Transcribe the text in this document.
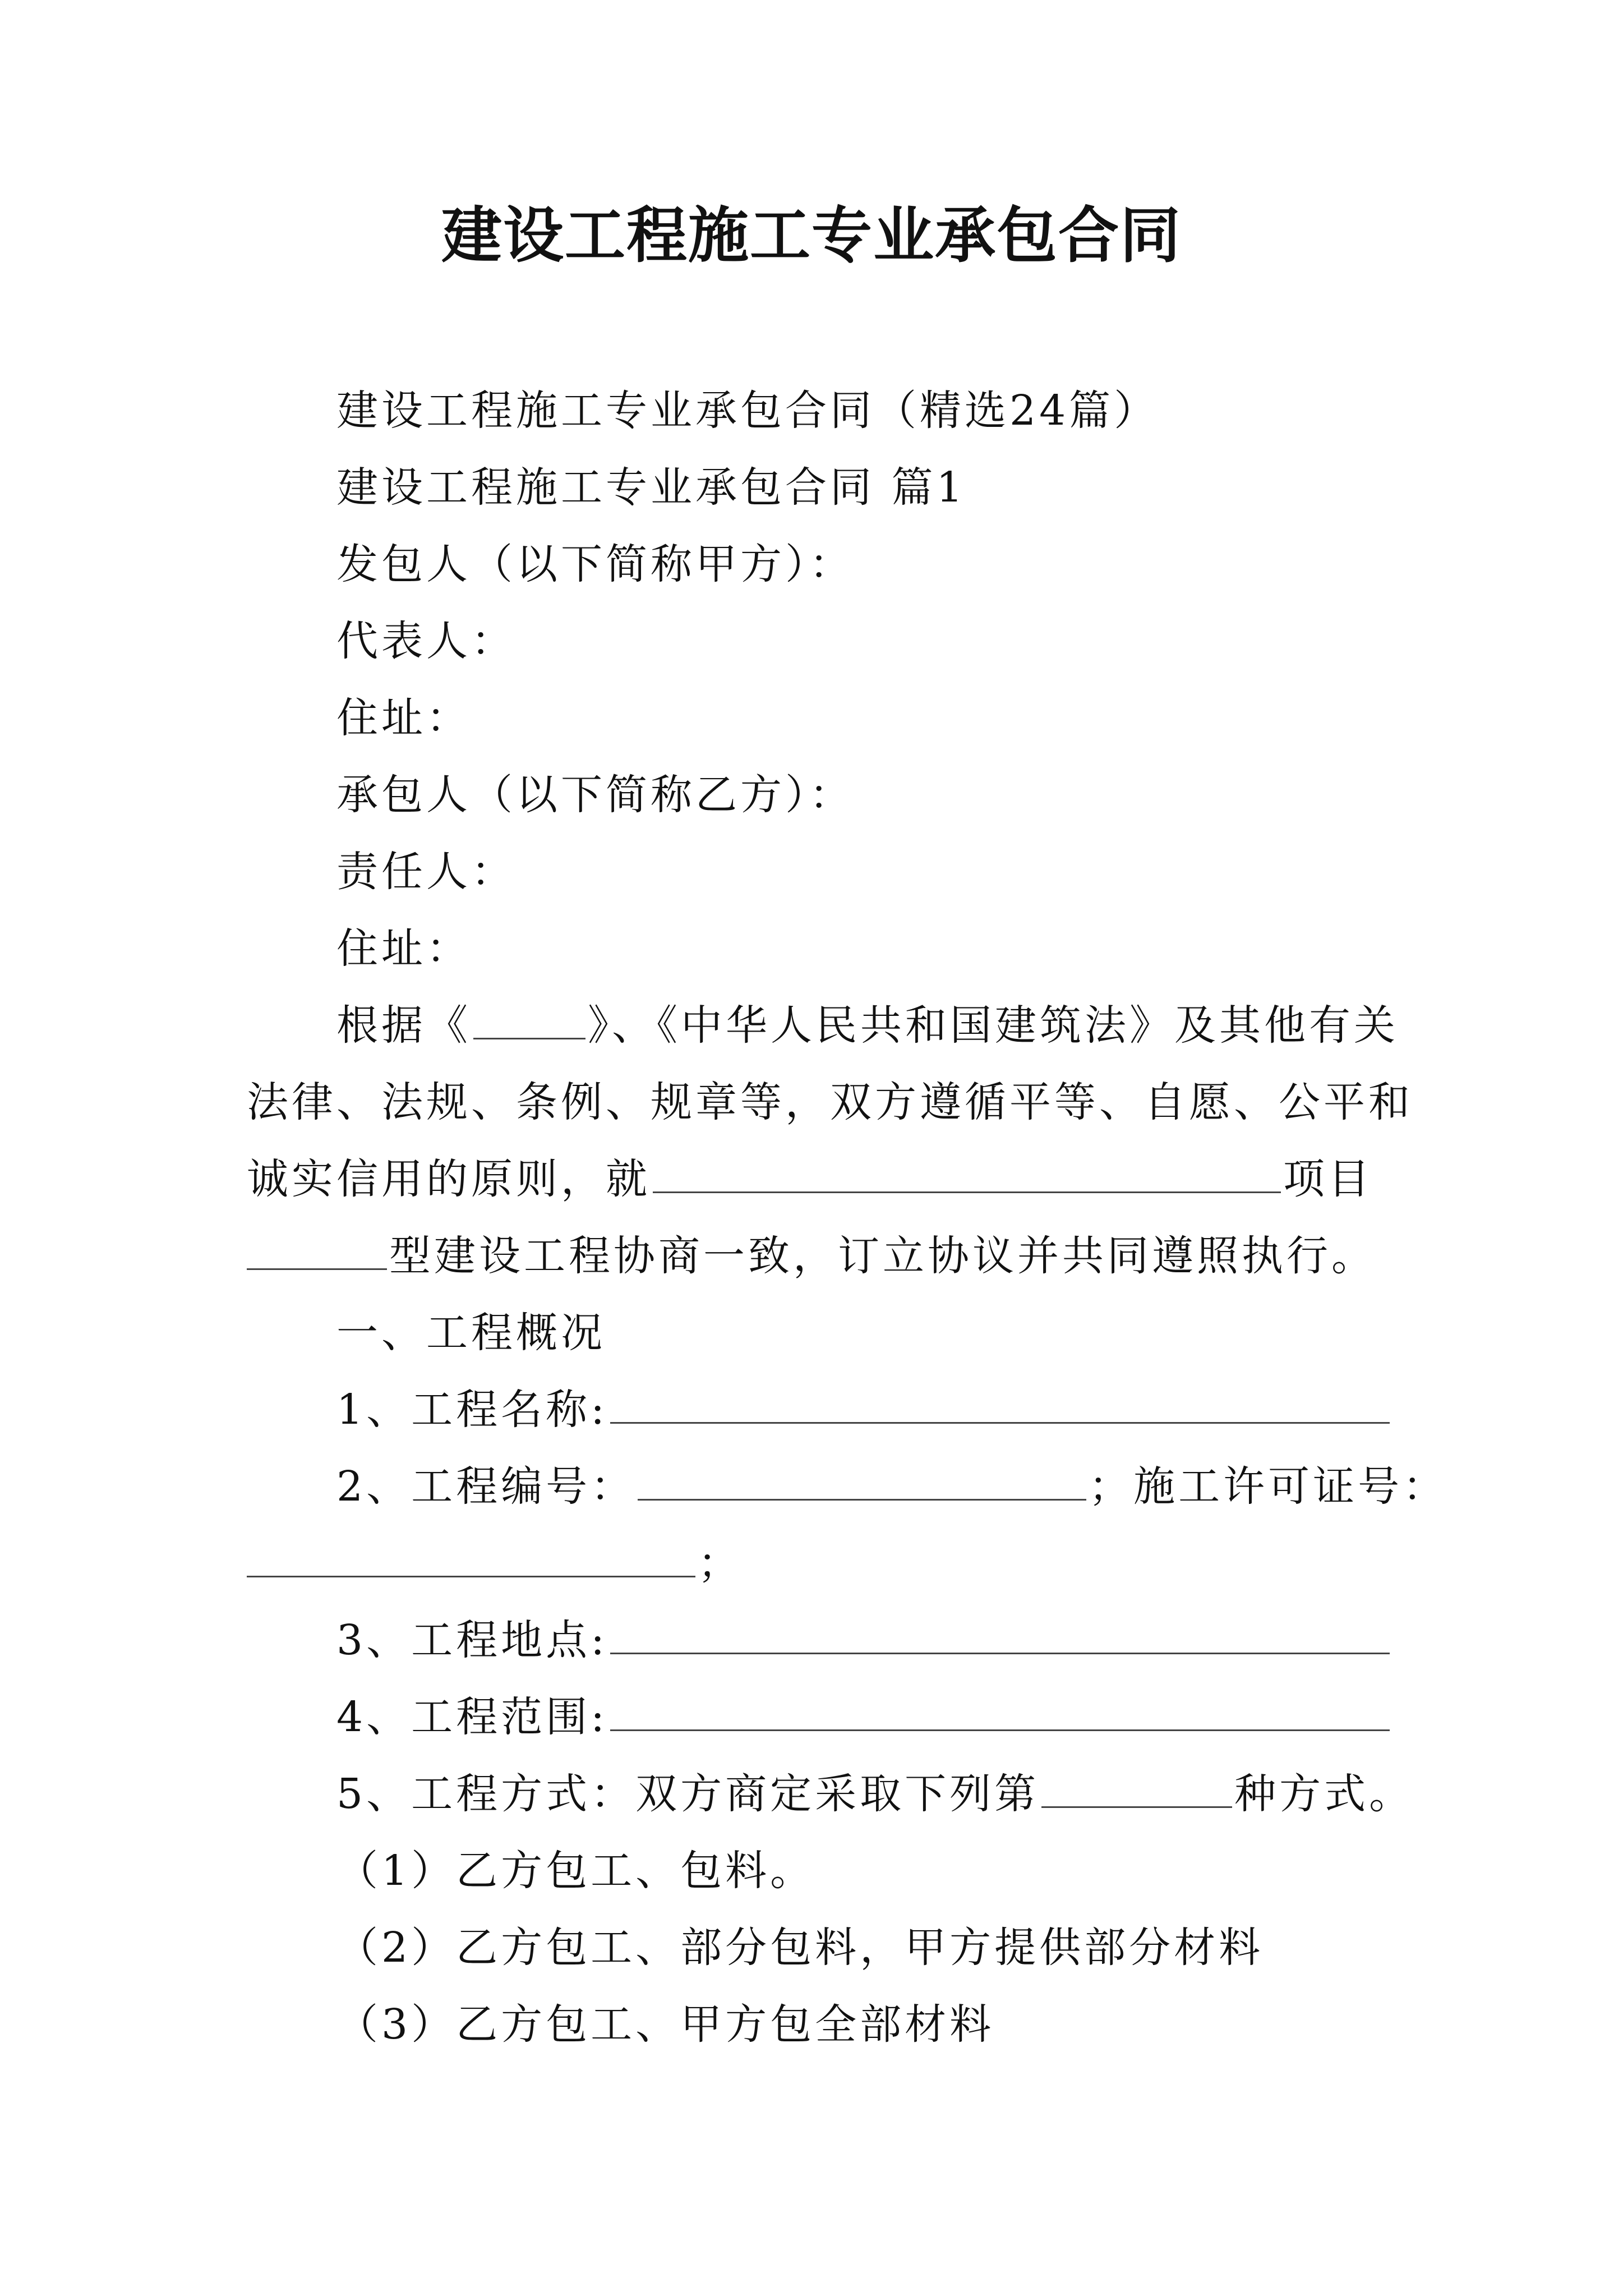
建设工程施工专业承包合同
建设工程施工专业承包合同（精选24篇）
建设工程施工专业承包合同 篇1
发包人（以下简称甲方）：
代表人：
住址：
承包人（以下简称乙方）：
责任人：
住址：
根据《	》、《中华人民共和国建筑法》及其他有关
法律、法规、条例、规章等，双方遵循平等、自愿、公平和
诚实信用的原则，就	项目
型建设工程协商一致，订立协议并共同遵照执行。
一、工程概况
1、工程名称:
2、工程编号：	；施工许可证号：
；
3、工程地点:
4、工程范围:
5、工程方式：双方商定采取下列第	种方式。
（1）乙方包工、包料。
（2）乙方包工、部分包料，甲方提供部分材料
（3）乙方包工、甲方包全部材料
